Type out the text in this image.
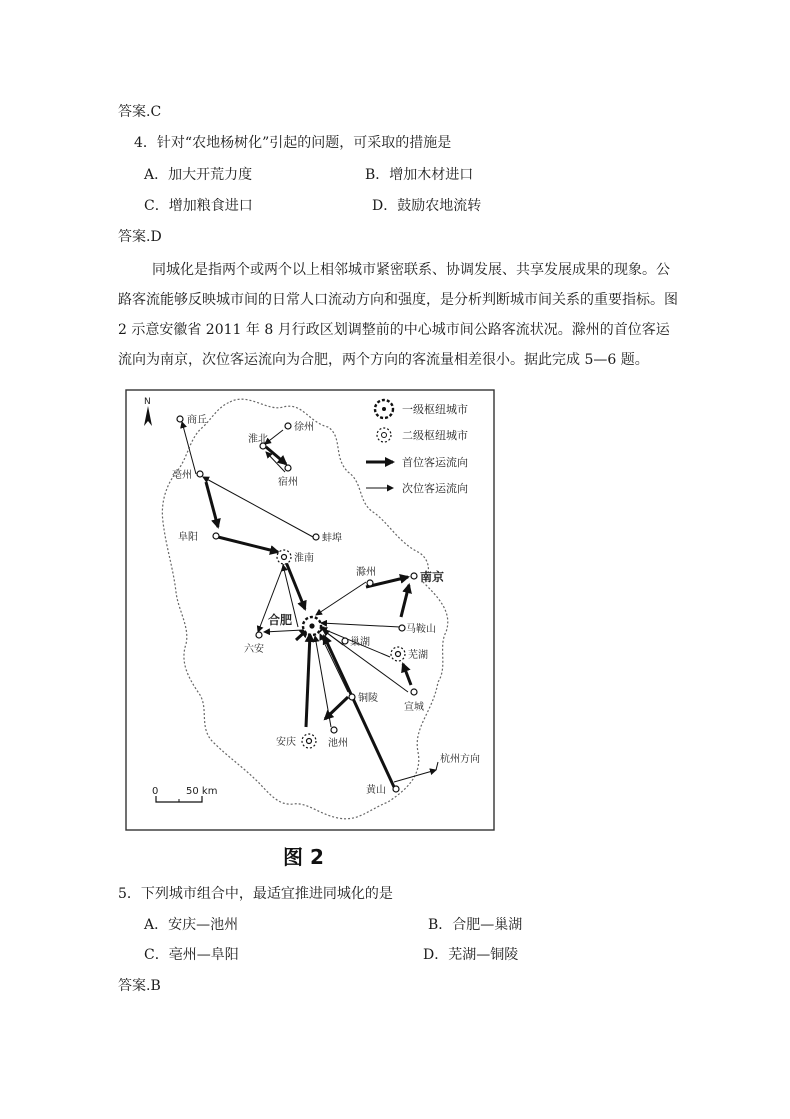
答案.C
4．针对“农地杨树化”引起的问题，可采取的措施是
A．加大开荒力度	B．增加木材进口
C．增加粮食进口	D．鼓励农地流转
答案.D
同城化是指两个或两个以上相邻城市紧密联系、协调发展、共享发展成果的现象。公路客流能够反映城市间的日常人口流动方向和强度，是分析判断城市间关系的重要指标。图 2 示意安徽省 2011 年 8 月行政区划调整前的中心城市间公路客流状况。滁州的首位客运流向为南京，次位客运流向为合肥，两个方向的客流量相差很小。据此完成 5—6 题。
N
一级枢纽城市
二级枢纽城市
首位客运流向
次位客运流向
商丘
徐州
淮北
宿州
亳州
蚌埠
阜阳
淮南
滁州	南京
合肥
巢湖
马鞍山
六安
芜湖
铜陵
宣城
安庆	池州
杭州方向
黄山
0	50 km
图 2
5．下列城市组合中，最适宜推进同城化的是
A．安庆—池州	B．合肥—巢湖
C．亳州—阜阳	D．芜湖—铜陵
答案.B
